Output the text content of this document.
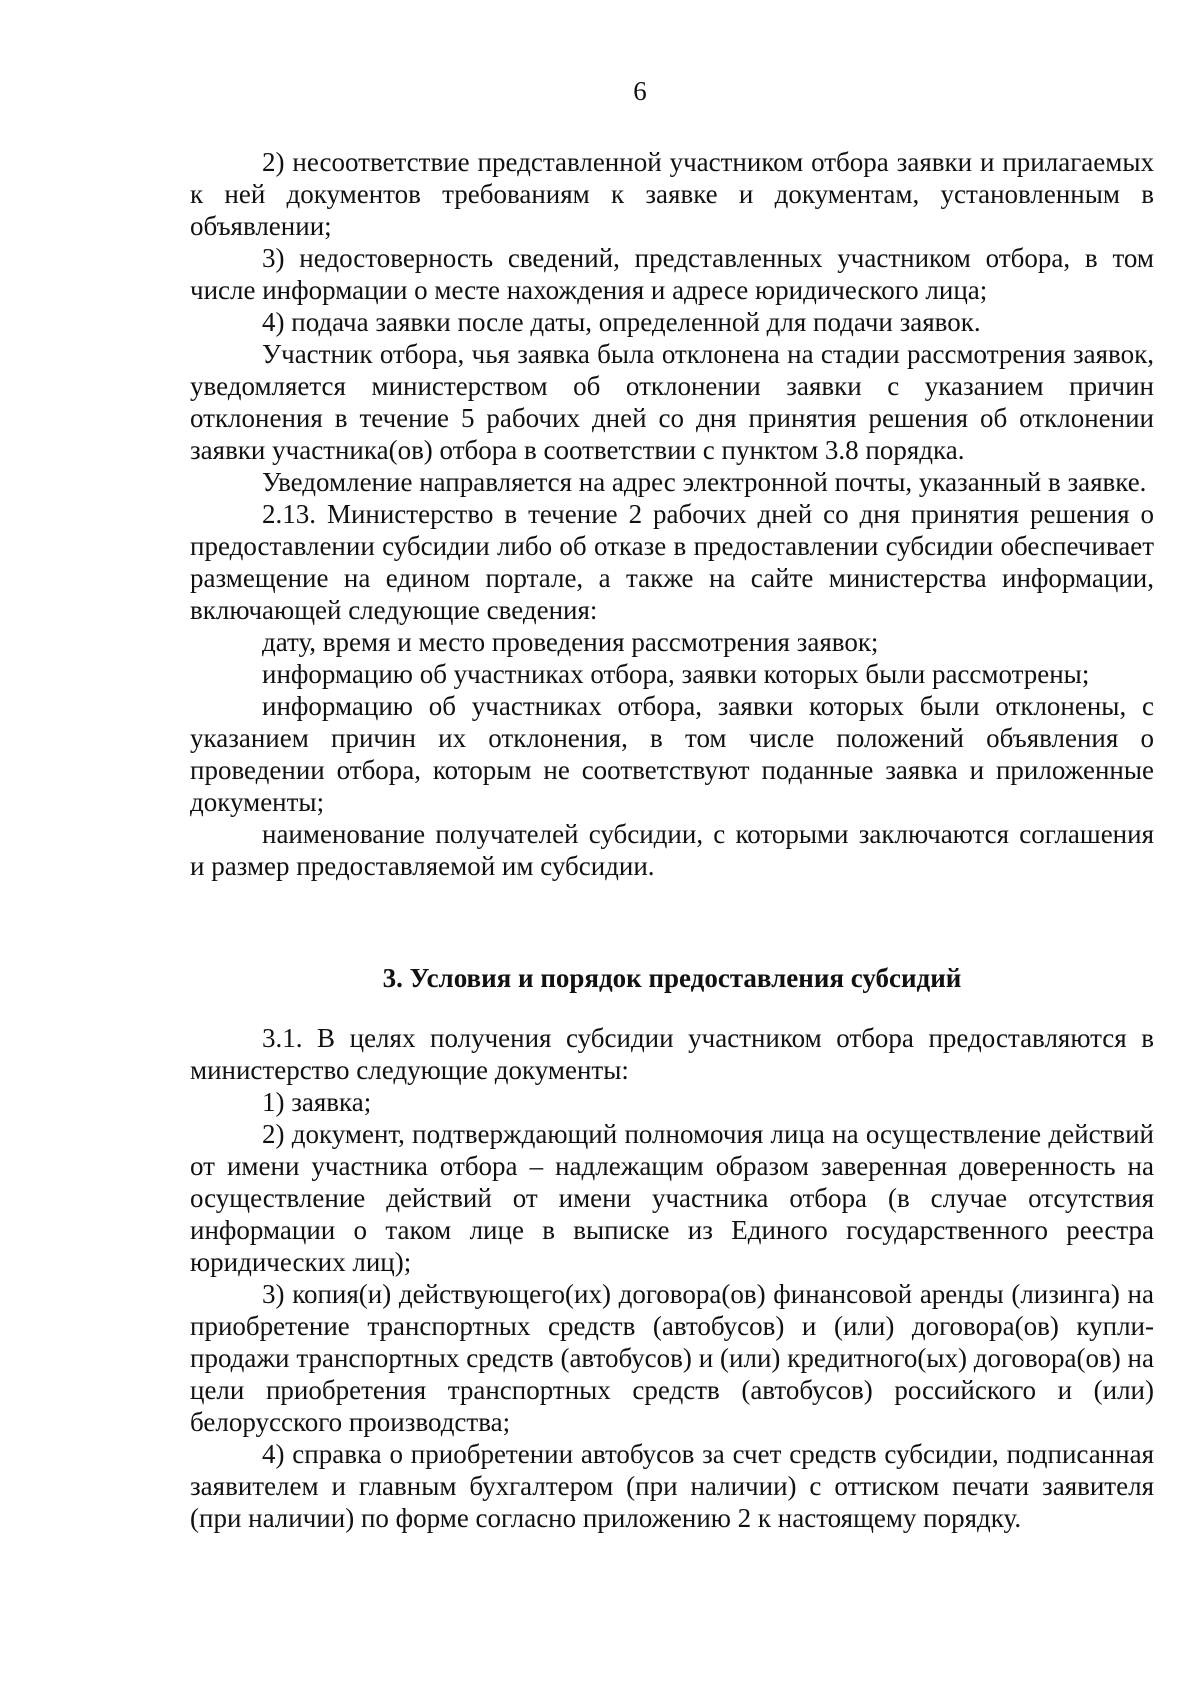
6

2) несоответствие представленной участником отбора заявки и прилагаемых к ней документов требованиям к заявке и документам, установленным в объявлении;

3) недостоверность сведений, представленных участником отбора, в том числе информации о месте нахождения и адресе юридического лица;

4) подача заявки после даты, определенной для подачи заявок.

Участник отбора, чья заявка была отклонена на стадии рассмотрения заявок, уведомляется министерством об отклонении заявки с указанием причин отклонения в течение 5 рабочих дней со дня принятия решения об отклонении заявки участника(ов) отбора в соответствии с пунктом 3.8 порядка.

Уведомление направляется на адрес электронной почты, указанный в заявке.

2.13. Министерство в течение 2 рабочих дней со дня принятия решения о предоставлении субсидии либо об отказе в предоставлении субсидии обеспечивает размещение на едином портале, а также на сайте министерства информации, включающей следующие сведения:

дату, время и место проведения рассмотрения заявок;

информацию об участниках отбора, заявки которых были рассмотрены;

информацию об участниках отбора, заявки которых были отклонены, с указанием причин их отклонения, в том числе положений объявления о проведении отбора, которым не соответствуют поданные заявка и приложенные документы;

наименование получателей субсидии, с которыми заключаются соглашения и размер предоставляемой им субсидии.

3. Условия и порядок предоставления субсидий

3.1. В целях получения субсидии участником отбора предоставляются в министерство следующие документы:

1) заявка;

2) документ, подтверждающий полномочия лица на осуществление действий от имени участника отбора – надлежащим образом заверенная доверенность на осуществление действий от имени участника отбора (в случае отсутствия информации о таком лице в выписке из Единого государственного реестра юридических лиц);

3) копия(и) действующего(их) договора(ов) финансовой аренды (лизинга) на приобретение транспортных средств (автобусов) и (или) договора(ов) купли-продажи транспортных средств (автобусов) и (или) кредитного(ых) договора(ов) на цели приобретения транспортных средств (автобусов) российского и (или) белорусского производства;

4) справка о приобретении автобусов за счет средств субсидии, подписанная заявителем и главным бухгалтером (при наличии) с оттиском печати заявителя (при наличии) по форме согласно приложению 2 к настоящему порядку.
